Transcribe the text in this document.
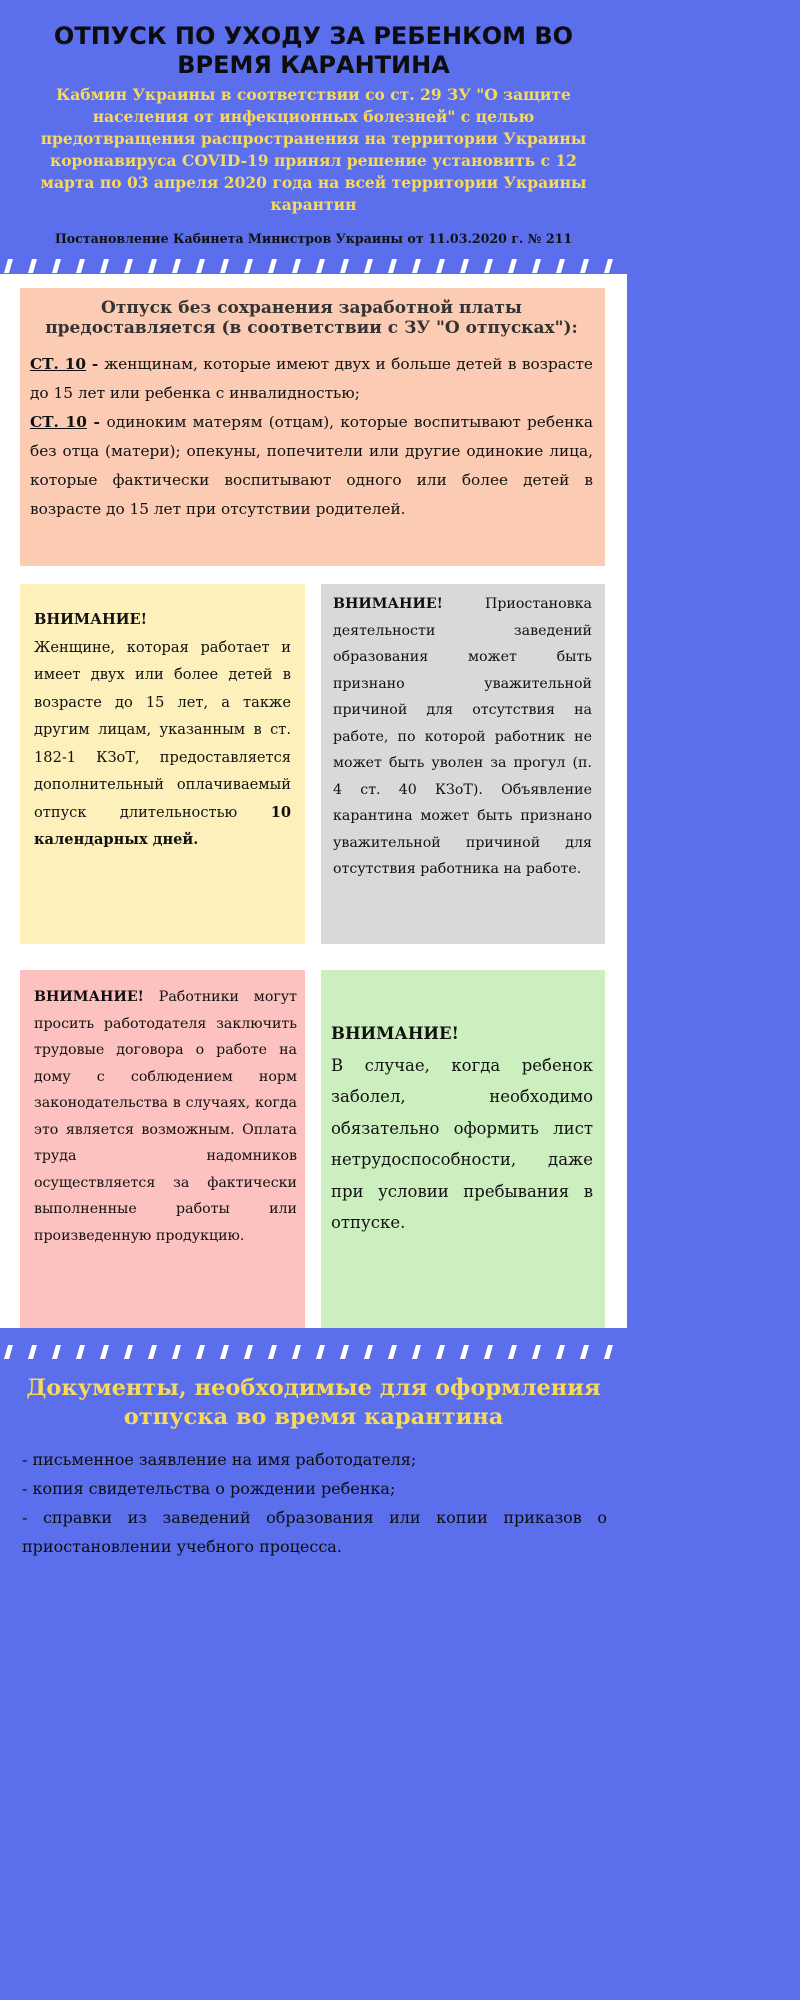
ОТПУСК ПО УХОДУ ЗА РЕБЕНКОМ ВО ВРЕМЯ КАРАНТИНА

Кабмин Украины в соответствии со ст. 29 ЗУ "О защите населения от инфекционных болезней" с целью предотвращения распространения на территории Украины коронавируса COVID-19 принял решение установить с 12 марта по 03 апреля 2020 года на всей территории Украины карантин

Постановление Кабинета Министров Украины от 11.03.2020 г. № 211

Отпуск без сохранения заработной платы предоставляется (в соответствии с ЗУ "О отпусках"):

СТ. 10 - женщинам, которые имеют двух и больше детей в возрасте до 15 лет или ребенка с инвалидностью;
СТ. 10 - одиноким матерям (отцам), которые воспитывают ребенка без отца (матери); опекуны, попечители или другие одинокие лица, которые фактически воспитывают одного или более детей в возрасте до 15 лет при отсутствии родителей.

ВНИМАНИЕ!
Женщине, которая работает и имеет двух или более детей в возрасте до 15 лет, а также другим лицам, указанным в ст. 182-1 КЗоТ, предоставляется дополнительный оплачиваемый отпуск длительностью 10 календарных дней.

ВНИМАНИЕ! Приостановка деятельности заведений образования может быть признано уважительной причиной для отсутствия на работе, по которой работник не может быть уволен за прогул (п. 4 ст. 40 КЗоТ). Объявление карантина может быть признано уважительной причиной для отсутствия работника на работе.

ВНИМАНИЕ! Работники могут просить работодателя заключить трудовые договора о работе на дому с соблюдением норм законодательства в случаях, когда это является возможным. Оплата труда надомников осуществляется за фактически выполненные работы или произведенную продукцию.

ВНИМАНИЕ!
В случае, когда ребенок заболел, необходимо обязательно оформить лист нетрудоспособности, даже при условии пребывания в отпуске.

Документы, необходимые для оформления отпуска во время карантина
- письменное заявление на имя работодателя;
- копия свидетельства о рождении ребенка;
- справки из заведений образования или копии приказов о приостановлении учебного процесса.
